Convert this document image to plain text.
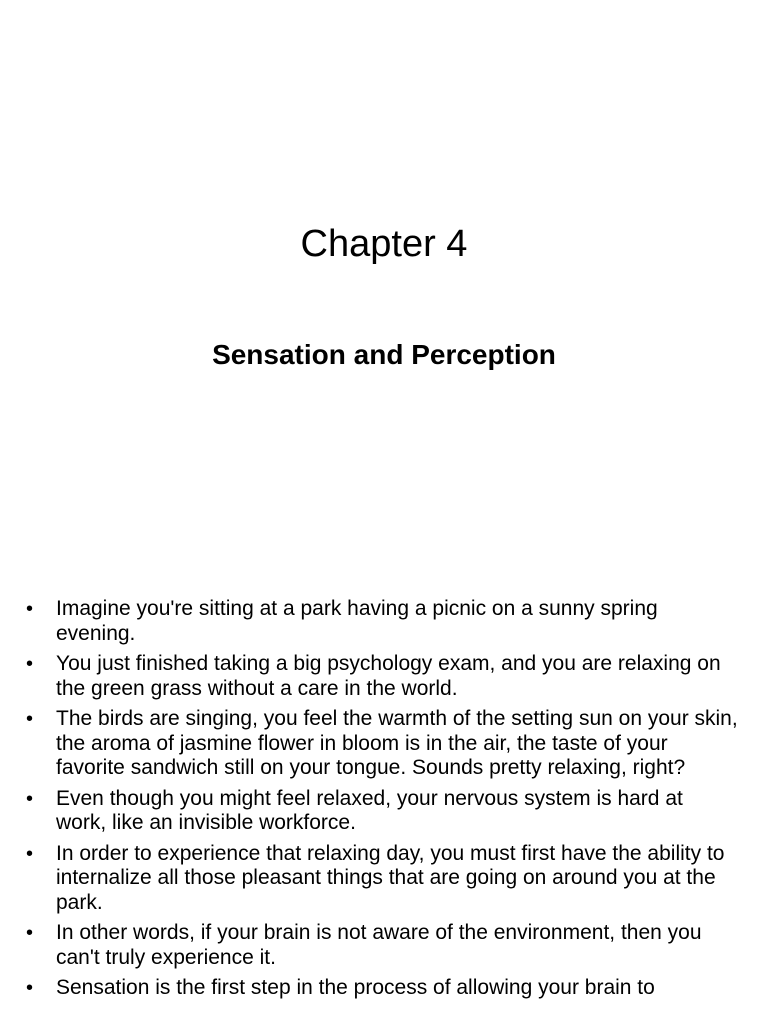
Chapter 4
Sensation and Perception
• Imagine you're sitting at a park having a picnic on a sunny spring evening.
• You just finished taking a big psychology exam, and you are relaxing on the green grass without a care in the world.
• The birds are singing, you feel the warmth of the setting sun on your skin, the aroma of jasmine flower in bloom is in the air, the taste of your favorite sandwich still on your tongue. Sounds pretty relaxing, right?
• Even though you might feel relaxed, your nervous system is hard at work, like an invisible workforce.
• In order to experience that relaxing day, you must first have the ability to internalize all those pleasant things that are going on around you at the park.
• In other words, if your brain is not aware of the environment, then you can't truly experience it.
• Sensation is the first step in the process of allowing your brain to
